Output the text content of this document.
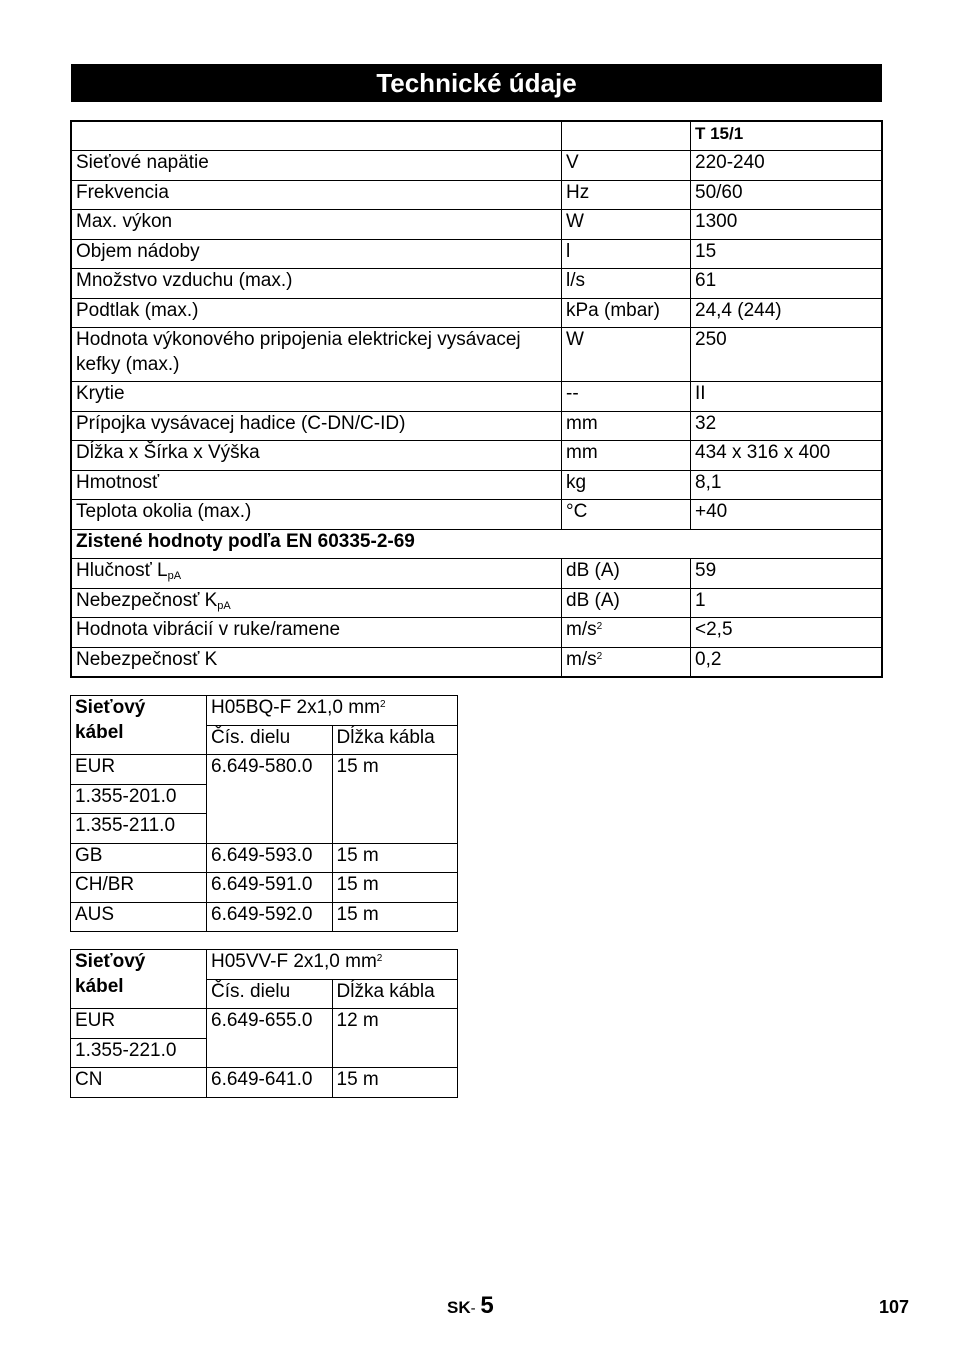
Technické údaje
		T 15/1
Sieťové napätie	V	220-240
Frekvencia	Hz	50/60
Max. výkon	W	1300
Objem nádoby	l	15
Množstvo vzduchu (max.)	l/s	61
Podtlak (max.)	kPa (mbar)	24,4 (244)
Hodnota výkonového pripojenia elektrickej vysávacej kefky (max.)	W	250
Krytie	--	II
Prípojka vysávacej hadice (C-DN/C-ID)	mm	32
Dĺžka x Šírka x Výška	mm	434 x 316 x 400
Hmotnosť	kg	8,1
Teplota okolia (max.)	°C	+40
Zistené hodnoty podľa EN 60335-2-69		
Hlučnosť $L_{pA}$	dB (A)	59
Nebezpečnosť $K_{pA}$	dB (A)	1
Hodnota vibrácií v ruke/ramene	$m/s^2$	<2,5
Nebezpečnosť K	$m/s^2$	0,2
Sieťový
kábel	H05BQ-F 2x1,0 $mm^2$
	Čís. dielu	Dĺžka kábla
EUR	6.649-580.0	15 m
1.355-201.0		
1.355-211.0		
GB	6.649-593.0	15 m
CH/BR	6.649-591.0	15 m
AUS	6.649-592.0	15 m
Sieťový
kábel	H05VV-F 2x1,0 $mm^2$
	Čís. dielu	Dĺžka kábla
EUR	6.649-655.0	12 m
1.355-221.0		
CN	6.649-641.0	15 m
SK- 5	107
